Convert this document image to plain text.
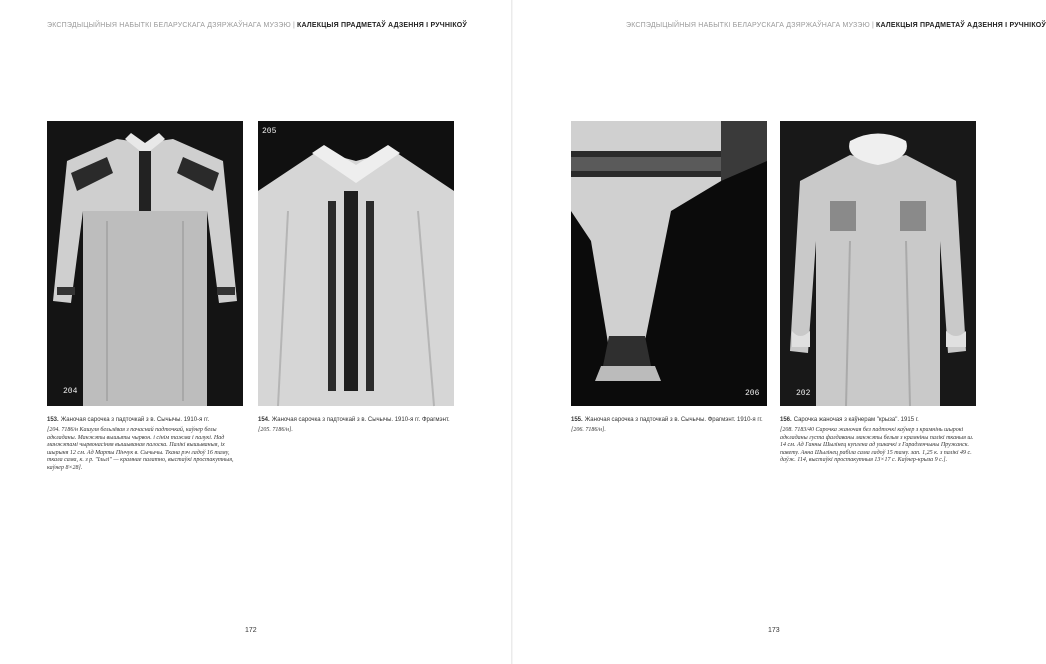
ЭКСПЭДЫЦЫЙНЫЯ НАБЫТКІ БЕЛАРУСКАГА ДЗЯРЖАЎНАГА МУЗЭЮ | КАЛЕКЦЫЯ ПРАДМЕТАЎ АДЗЕННЯ І РУЧНІКОЎ
204
205
153. Жаночая сарочка з падточкай з в. Сычычы. 1910-я гг.
[204. 7186/н Кашуля бельлёвая з пачаснай падточкай, каўнер белы адкладаны. Манжэты вышыты чырвон. і сінім тажма і палукі. Над манжэтамі чырвонасіняя вышываная палоска. Палікі вышываныя, іх шырыня 12 см. Ад Марты Пінчук в. Сычычы. Ткана рэч гадоў 16 таму, ткала сама, к. з р. "Ільлі" — крамнае палатно, выстаўкі простакутныя, каўнер 8×28].
154. Жаночая сарочка з падточкай з в. Сычычы. 1910-я гг. Фрагмэнт.
[205. 7186/н].
172
ЭКСПЭДЫЦЫЙНЫЯ НАБЫТКІ БЕЛАРУСКАГА ДЗЯРЖАЎНАГА МУЗЭЮ | КАЛЕКЦЫЯ ПРАДМЕТАЎ АДЗЕННЯ І РУЧНІКОЎ
206	202
155. Жаночая сарочка з падточкай з в. Сычычы. Фрагмэнт. 1910-я гг.
[206. 7186/н].
156. Сарочка жаночая з каўнерам "крыза". 1915 г.
[208. 7183/40 Сарочка жаночая без падточкі каўнер з крамнінь шырокі адкладаны густа фалдаваны манжэты белыя з крамніны палікі тканыя ш. 14 см. Ад Ганны Шылінец куплена ад ушкачкі з Гарадзенчыны Пружанск. павету. Анна Шылінец рабіла сама гадоў 15 таму. зап. 1,25 к. з палікі 49 с. даўж. 114, выстаўкі простакутныя 13×17 с. Каўнер-крыза 9 с.].
173
